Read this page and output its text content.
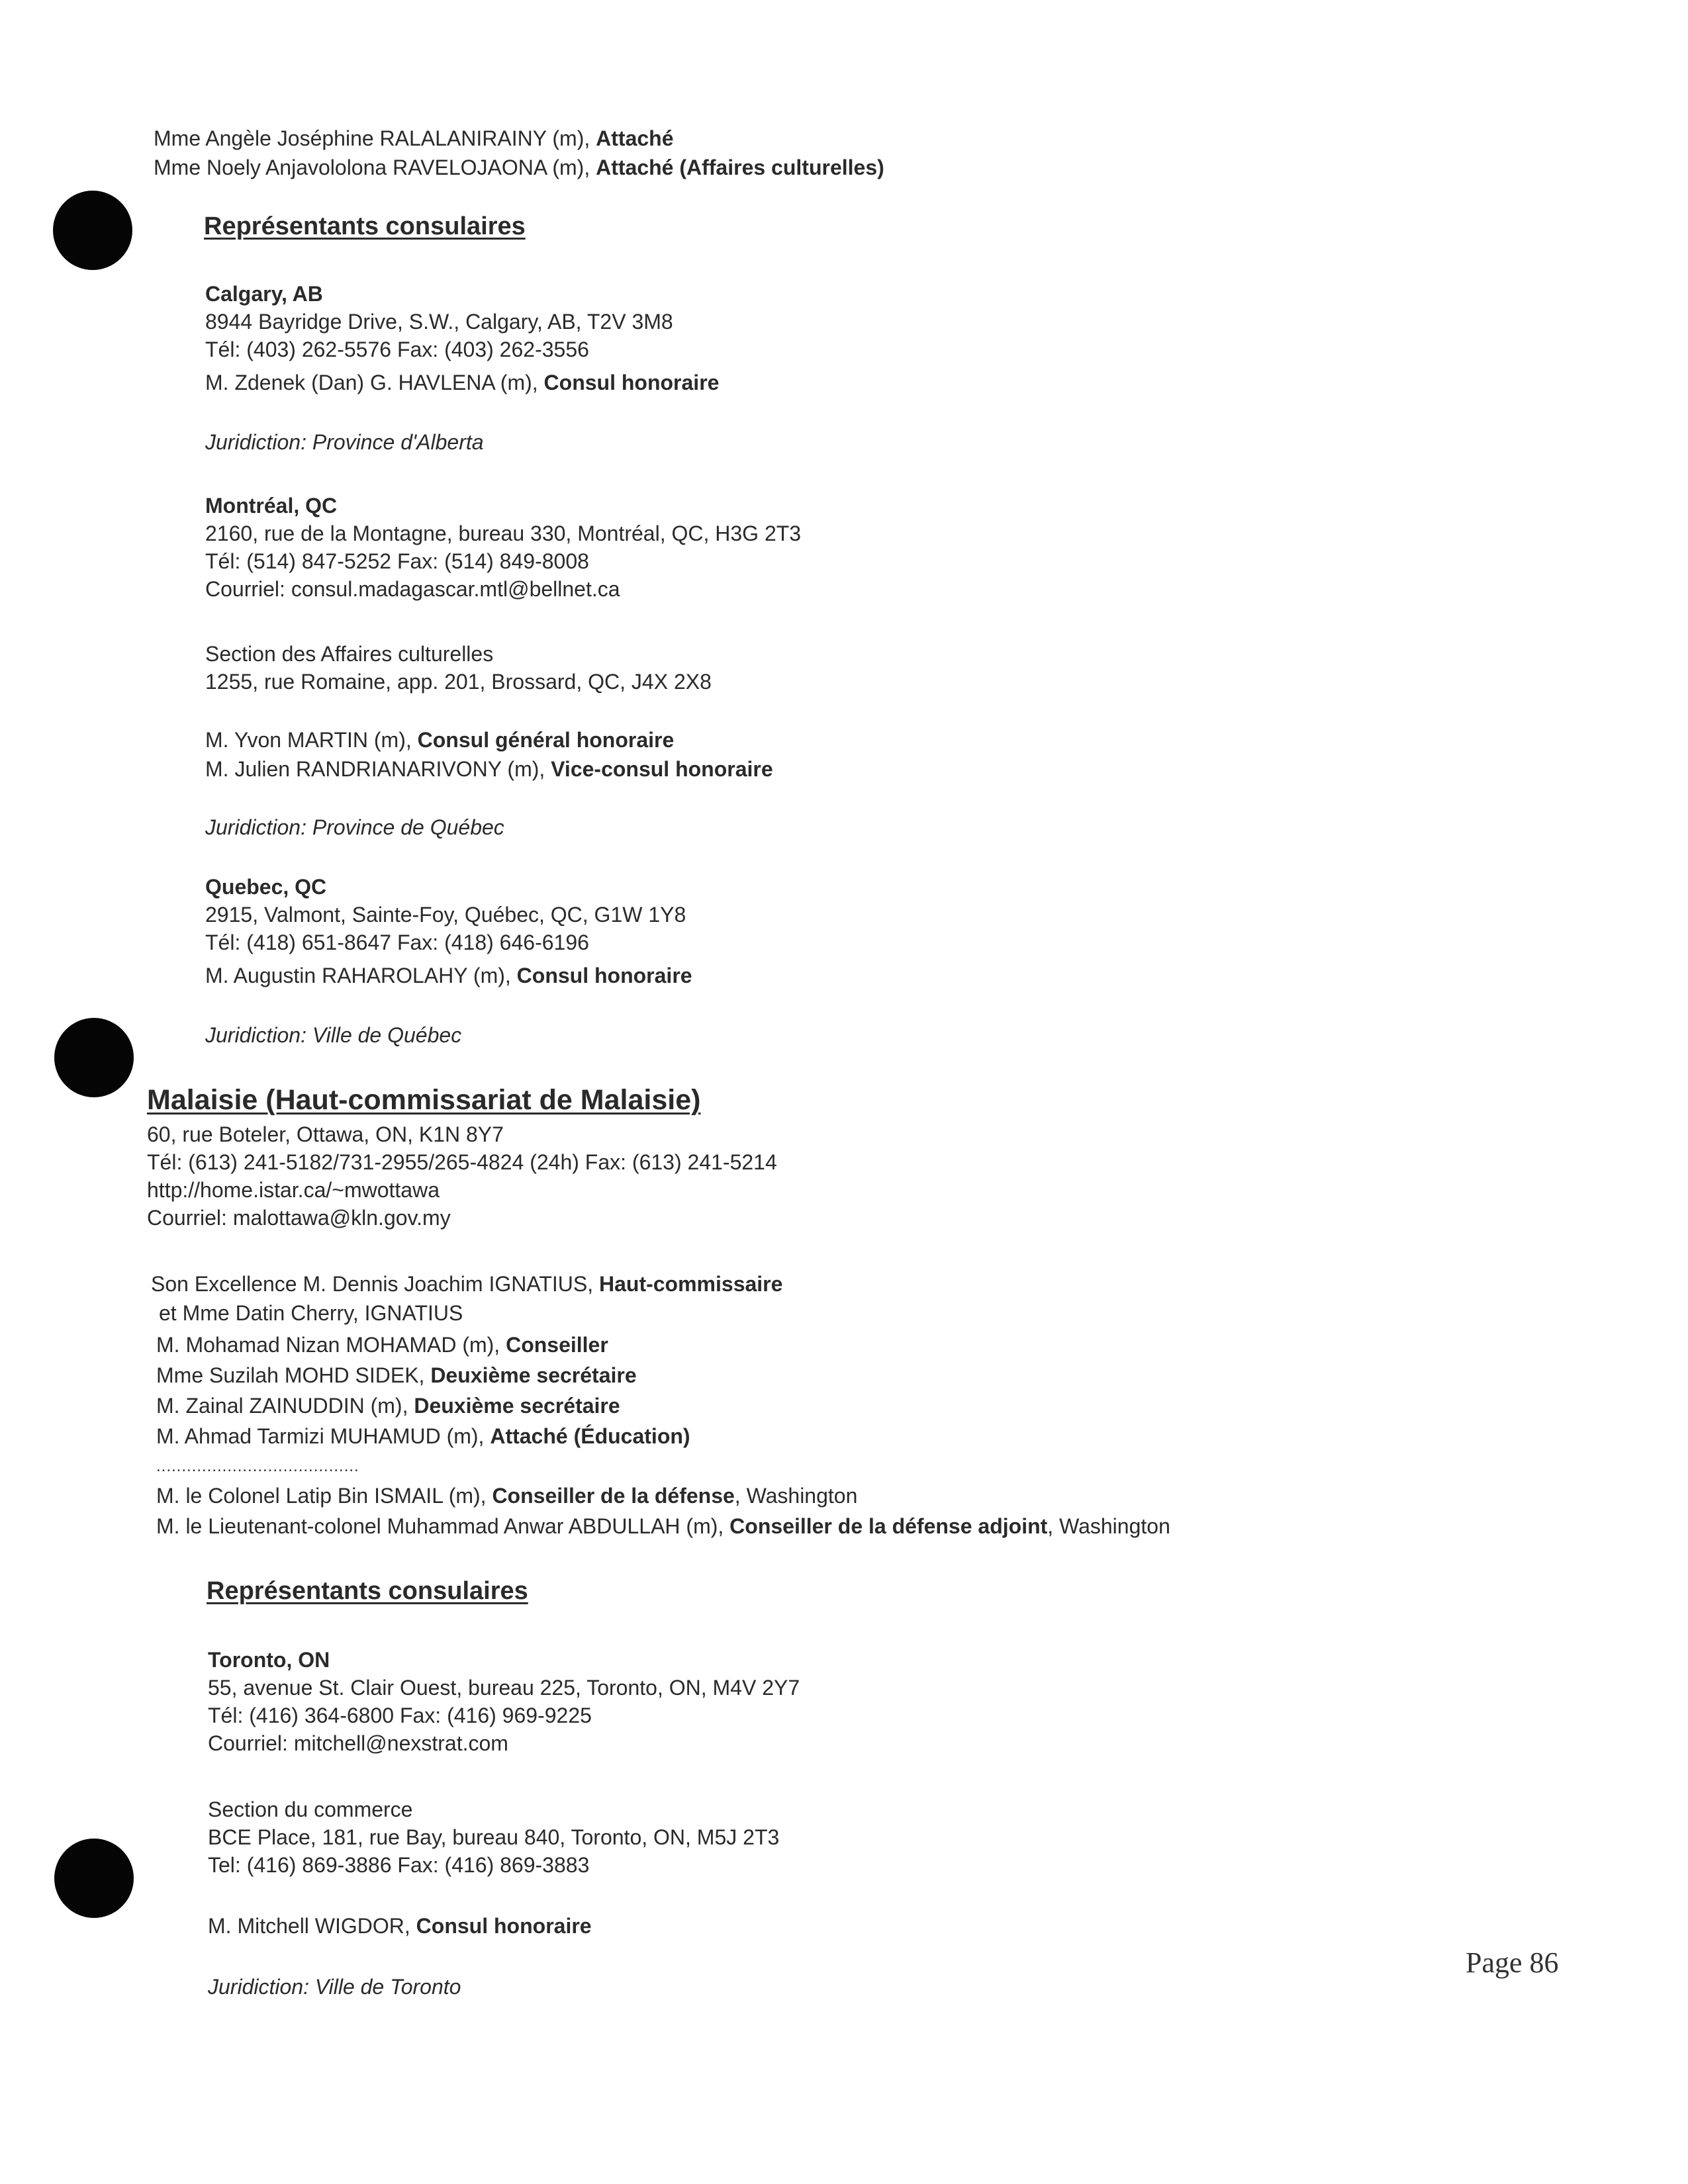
Mme Angèle Joséphine RALALANIRAINY (m), Attaché
Mme Noely Anjavololona RAVELOJAONA (m), Attaché (Affaires culturelles)
Représentants consulaires
Calgary, AB
8944 Bayridge Drive, S.W., Calgary, AB, T2V 3M8
Tél: (403) 262-5576 Fax: (403) 262-3556
M. Zdenek (Dan) G. HAVLENA (m), Consul honoraire
Juridiction: Province d'Alberta
Montréal, QC
2160, rue de la Montagne, bureau 330, Montréal, QC, H3G 2T3
Tél: (514) 847-5252 Fax: (514) 849-8008
Courriel: consul.madagascar.mtl@bellnet.ca
Section des Affaires culturelles
1255, rue Romaine, app. 201, Brossard, QC, J4X 2X8
M. Yvon MARTIN (m), Consul général honoraire
M. Julien RANDRIANARIVONY (m), Vice-consul honoraire
Juridiction: Province de Québec
Quebec, QC
2915, Valmont, Sainte-Foy, Québec, QC, G1W 1Y8
Tél: (418) 651-8647 Fax: (418) 646-6196
M. Augustin RAHAROLAHY (m), Consul honoraire
Juridiction: Ville de Québec
Malaisie (Haut-commissariat de Malaisie)
60, rue Boteler, Ottawa, ON, K1N 8Y7
Tél: (613) 241-5182/731-2955/265-4824 (24h) Fax: (613) 241-5214
http://home.istar.ca/~mwottawa
Courriel: malottawa@kln.gov.my
Son Excellence M. Dennis Joachim IGNATIUS, Haut-commissaire
et Mme Datin Cherry, IGNATIUS
M. Mohamad Nizan MOHAMAD (m), Conseiller
Mme Suzilah MOHD SIDEK, Deuxième secrétaire
M. Zainal ZAINUDDIN (m), Deuxième secrétaire
M. Ahmad Tarmizi MUHAMUD (m), Attaché (Éducation)
........................................
M. le Colonel Latip Bin ISMAIL (m), Conseiller de la défense, Washington
M. le Lieutenant-colonel Muhammad Anwar ABDULLAH (m), Conseiller de la défense adjoint, Washington
Représentants consulaires
Toronto, ON
55, avenue St. Clair Ouest, bureau 225, Toronto, ON, M4V 2Y7
Tél: (416) 364-6800 Fax: (416) 969-9225
Courriel: mitchell@nexstrat.com
Section du commerce
BCE Place, 181, rue Bay, bureau 840, Toronto, ON, M5J 2T3
Tel: (416) 869-3886 Fax: (416) 869-3883
M. Mitchell WIGDOR, Consul honoraire
Juridiction: Ville de Toronto
Page 86
